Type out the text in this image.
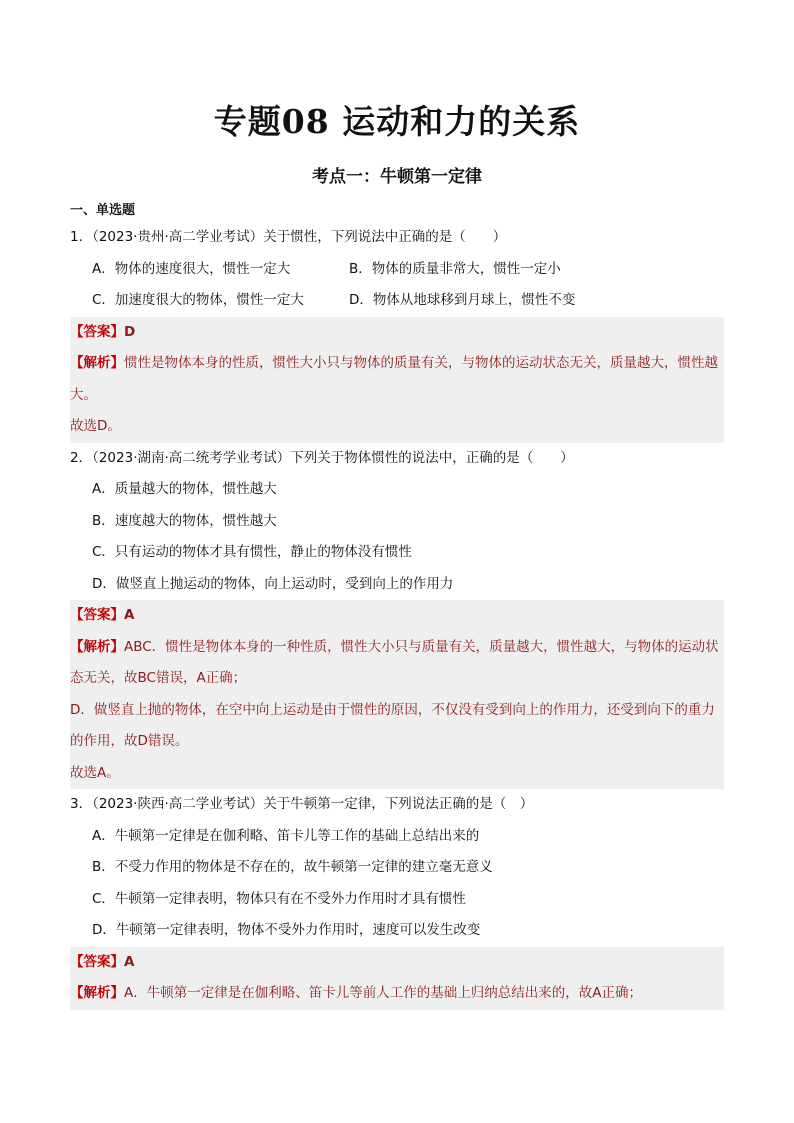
专题08 运动和力的关系
考点一：牛顿第一定律
一、单选题
1．（2023·贵州·高二学业考试）关于惯性，下列说法中正确的是（　　）
A．物体的速度很大，惯性一定大	B．物体的质量非常大，惯性一定小
C．加速度很大的物体，惯性一定大	D．物体从地球移到月球上，惯性不变
【答案】D
【解析】惯性是物体本身的性质，惯性大小只与物体的质量有关，与物体的运动状态无关，质量越大，惯性越大。
故选D。
2．（2023·湖南·高二统考学业考试）下列关于物体惯性的说法中，正确的是（　　）
A．质量越大的物体，惯性越大
B．速度越大的物体，惯性越大
C．只有运动的物体才具有惯性，静止的物体没有惯性
D．做竖直上抛运动的物体，向上运动时，受到向上的作用力
【答案】A
【解析】ABC．惯性是物体本身的一种性质，惯性大小只与质量有关，质量越大，惯性越大，与物体的运动状态无关，故BC错误，A正确；
D．做竖直上抛的物体，在空中向上运动是由于惯性的原因，不仅没有受到向上的作用力，还受到向下的重力的作用，故D错误。
故选A。
3．（2023·陕西·高二学业考试）关于牛顿第一定律，下列说法正确的是（　）
A．牛顿第一定律是在伽利略、笛卡儿等工作的基础上总结出来的
B．不受力作用的物体是不存在的，故牛顿第一定律的建立毫无意义
C．牛顿第一定律表明，物体只有在不受外力作用时才具有惯性
D．牛顿第一定律表明，物体不受外力作用时，速度可以发生改变
【答案】A
【解析】A．牛顿第一定律是在伽利略、笛卡儿等前人工作的基础上归纳总结出来的，故A正确；
